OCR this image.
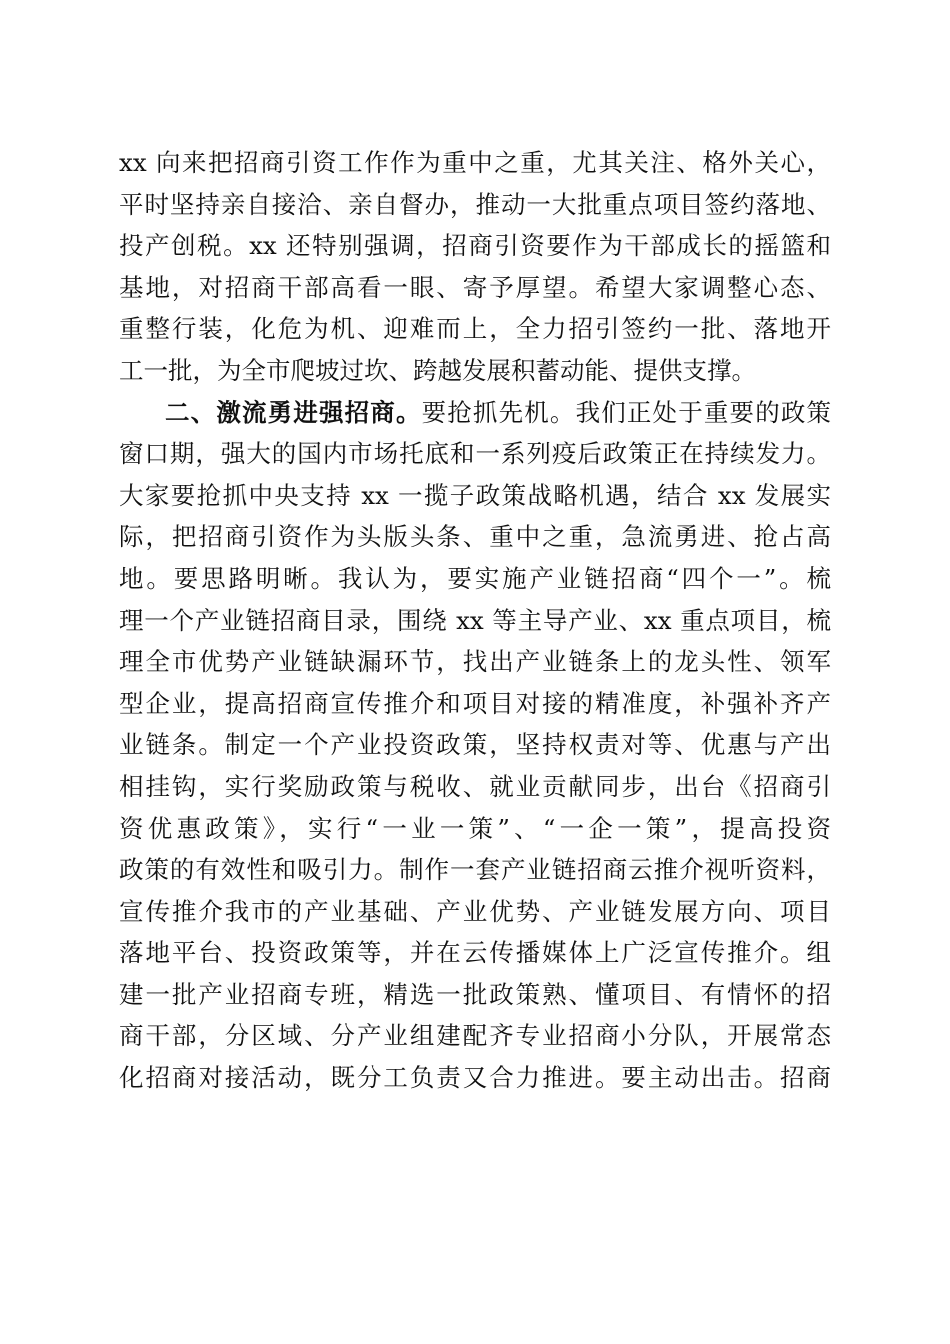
xx 向来把招商引资工作作为重中之重，尤其关注、格外关心，
平时坚持亲自接洽、亲自督办，推动一大批重点项目签约落地、
投产创税。xx 还特别强调，招商引资要作为干部成长的摇篮和
基地，对招商干部高看一眼、寄予厚望。希望大家调整心态、
重整行装，化危为机、迎难而上，全力招引签约一批、落地开
工一批，为全市爬坡过坎、跨越发展积蓄动能、提供支撑。
二、激流勇进强招商。要抢抓先机。我们正处于重要的政策
窗口期，强大的国内市场托底和一系列疫后政策正在持续发力。
大家要抢抓中央支持 xx 一揽子政策战略机遇，结合 xx 发展实
际，把招商引资作为头版头条、重中之重，急流勇进、抢占高
地。要思路明晰。我认为，要实施产业链招商“四个一”。梳
理一个产业链招商目录，围绕 xx 等主导产业、xx 重点项目，梳
理全市优势产业链缺漏环节，找出产业链条上的龙头性、领军
型企业，提高招商宣传推介和项目对接的精准度，补强补齐产
业链条。制定一个产业投资政策，坚持权责对等、优惠与产出
相挂钩，实行奖励政策与税收、就业贡献同步，出台《招商引
资优惠政策》，实行“一业一策”、“一企一策”，提高投资
政策的有效性和吸引力。制作一套产业链招商云推介视听资料，
宣传推介我市的产业基础、产业优势、产业链发展方向、项目
落地平台、投资政策等，并在云传播媒体上广泛宣传推介。组
建一批产业招商专班，精选一批政策熟、懂项目、有情怀的招
商干部，分区域、分产业组建配齐专业招商小分队，开展常态
化招商对接活动，既分工负责又合力推进。要主动出击。招商
